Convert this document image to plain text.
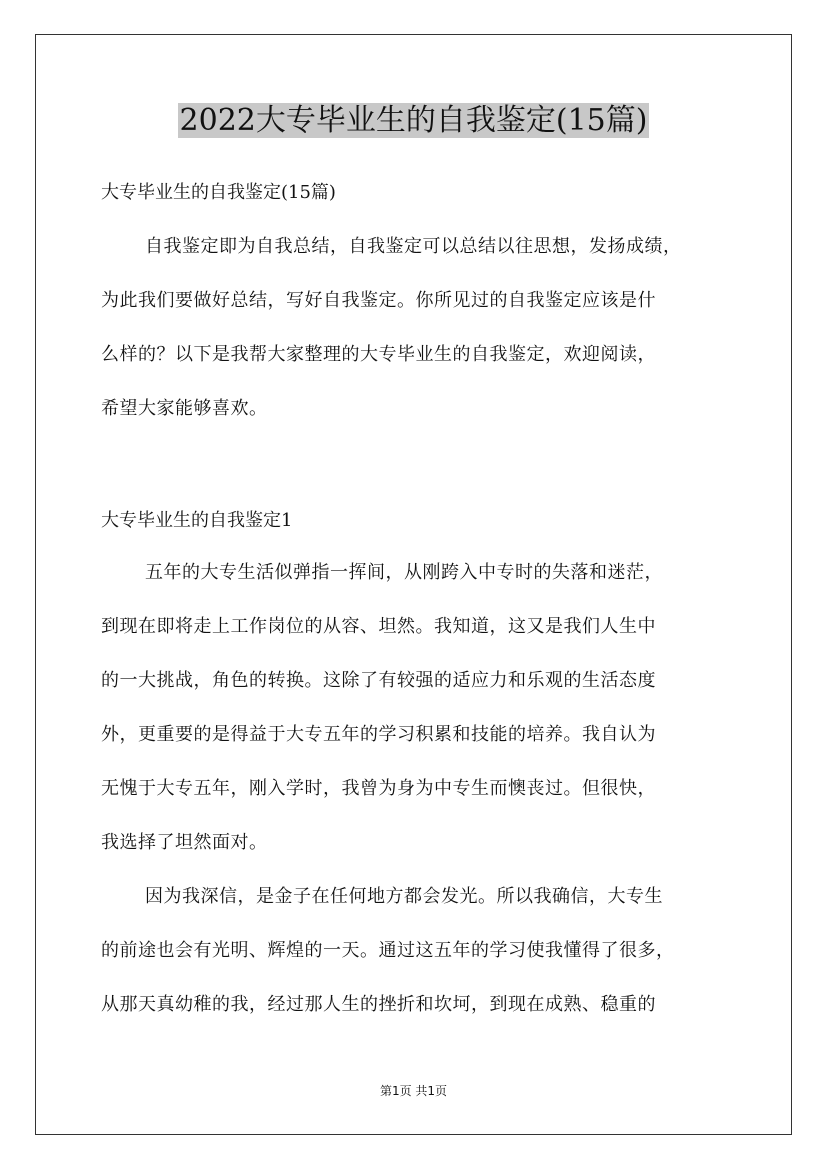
2022大专毕业生的自我鉴定(15篇)

大专毕业生的自我鉴定(15篇)

自我鉴定即为自我总结，自我鉴定可以总结以往思想，发扬成绩，

为此我们要做好总结，写好自我鉴定。你所见过的自我鉴定应该是什

么样的？以下是我帮大家整理的大专毕业生的自我鉴定，欢迎阅读，

希望大家能够喜欢。

大专毕业生的自我鉴定1

五年的大专生活似弹指一挥间，从刚跨入中专时的失落和迷茫，

到现在即将走上工作岗位的从容、坦然。我知道，这又是我们人生中

的一大挑战，角色的转换。这除了有较强的适应力和乐观的生活态度

外，更重要的是得益于大专五年的学习积累和技能的培养。我自认为

无愧于大专五年，刚入学时，我曾为身为中专生而懊丧过。但很快，

我选择了坦然面对。

因为我深信，是金子在任何地方都会发光。所以我确信，大专生

的前途也会有光明、辉煌的一天。通过这五年的学习使我懂得了很多，

从那天真幼稚的我，经过那人生的挫折和坎坷，到现在成熟、稳重的

第1页 共1页
